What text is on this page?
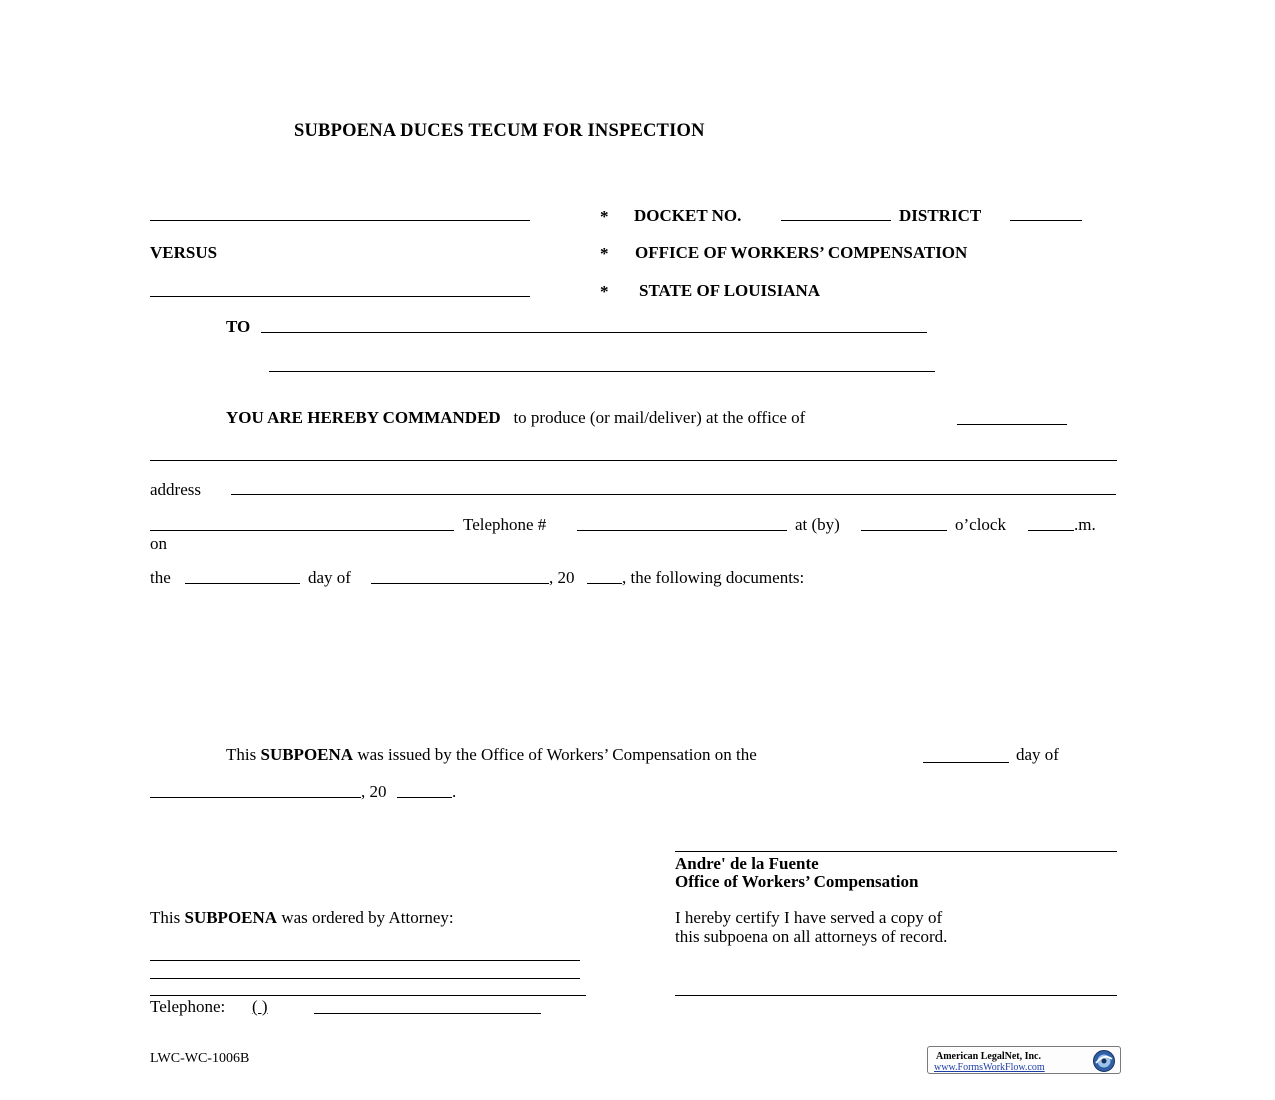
SUBPOENA DUCES TECUM FOR INSPECTION
VERSUS
* DOCKET NO.	DISTRICT
* OFFICE OF WORKERS’ COMPENSATION
* STATE OF LOUISIANA
TO
YOU ARE HEREBY COMMANDED to produce (or mail/deliver) at the office of
address
Telephone #	at (by)	o’clock	.m.
on
the	day of	, 20	, the following documents:
This SUBPOENA was issued by the Office of Workers’ Compensation on the	day of
, 20	.
Andre' de la Fuente
Office of Workers’ Compensation
This SUBPOENA was ordered by Attorney:
Telephone: ( )
I hereby certify I have served a copy of
this subpoena on all attorneys of record.
LWC-WC-1006B	American LegalNet, Inc.
www.FormsWorkFlow.com
